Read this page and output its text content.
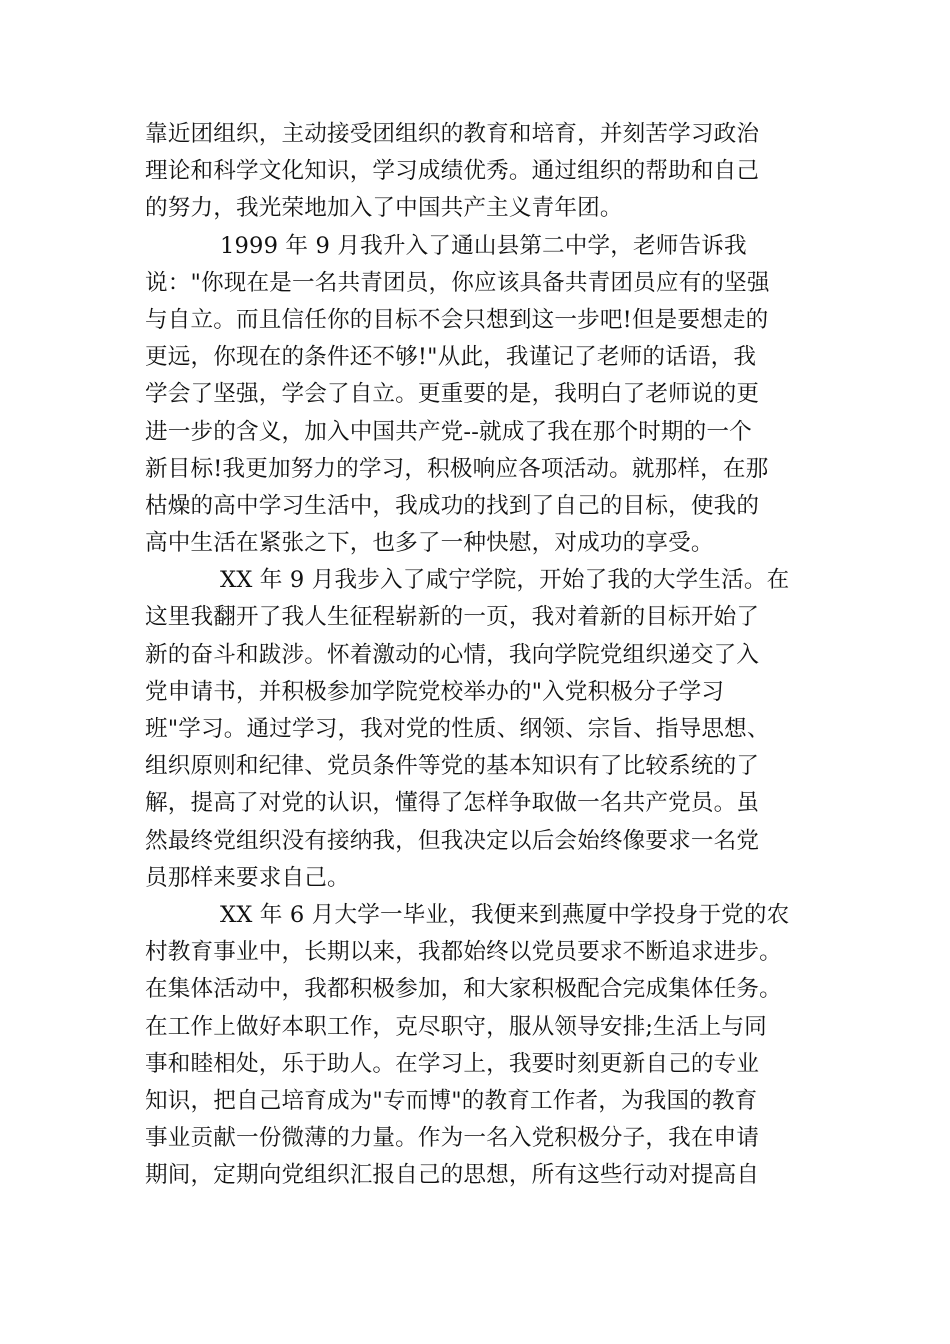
靠近团组织，主动接受团组织的教育和培育，并刻苦学习政治
理论和科学文化知识，学习成绩优秀。通过组织的帮助和自己
的努力，我光荣地加入了中国共产主义青年团。
1999 年 9 月我升入了通山县第二中学，老师告诉我
说："你现在是一名共青团员，你应该具备共青团员应有的坚强
与自立。而且信任你的目标不会只想到这一步吧!但是要想走的
更远，你现在的条件还不够!"从此，我谨记了老师的话语，我
学会了坚强，学会了自立。更重要的是，我明白了老师说的更
进一步的含义，加入中国共产党--就成了我在那个时期的一个
新目标!我更加努力的学习，积极响应各项活动。就那样，在那
枯燥的高中学习生活中，我成功的找到了自己的目标，使我的
高中生活在紧张之下，也多了一种快慰，对成功的享受。
XX 年 9 月我步入了咸宁学院，开始了我的大学生活。在
这里我翻开了我人生征程崭新的一页，我对着新的目标开始了
新的奋斗和跋涉。怀着激动的心情，我向学院党组织递交了入
党申请书，并积极参加学院党校举办的"入党积极分子学习
班"学习。通过学习，我对党的性质、纲领、宗旨、指导思想、
组织原则和纪律、党员条件等党的基本知识有了比较系统的了
解，提高了对党的认识，懂得了怎样争取做一名共产党员。虽
然最终党组织没有接纳我，但我决定以后会始终像要求一名党
员那样来要求自己。
XX 年 6 月大学一毕业，我便来到燕厦中学投身于党的农
村教育事业中，长期以来，我都始终以党员要求不断追求进步。
在集体活动中，我都积极参加，和大家积极配合完成集体任务。
在工作上做好本职工作，克尽职守，服从领导安排;生活上与同
事和睦相处，乐于助人。在学习上，我要时刻更新自己的专业
知识，把自己培育成为"专而博"的教育工作者，为我国的教育
事业贡献一份微薄的力量。作为一名入党积极分子，我在申请
期间，定期向党组织汇报自己的思想，所有这些行动对提高自
